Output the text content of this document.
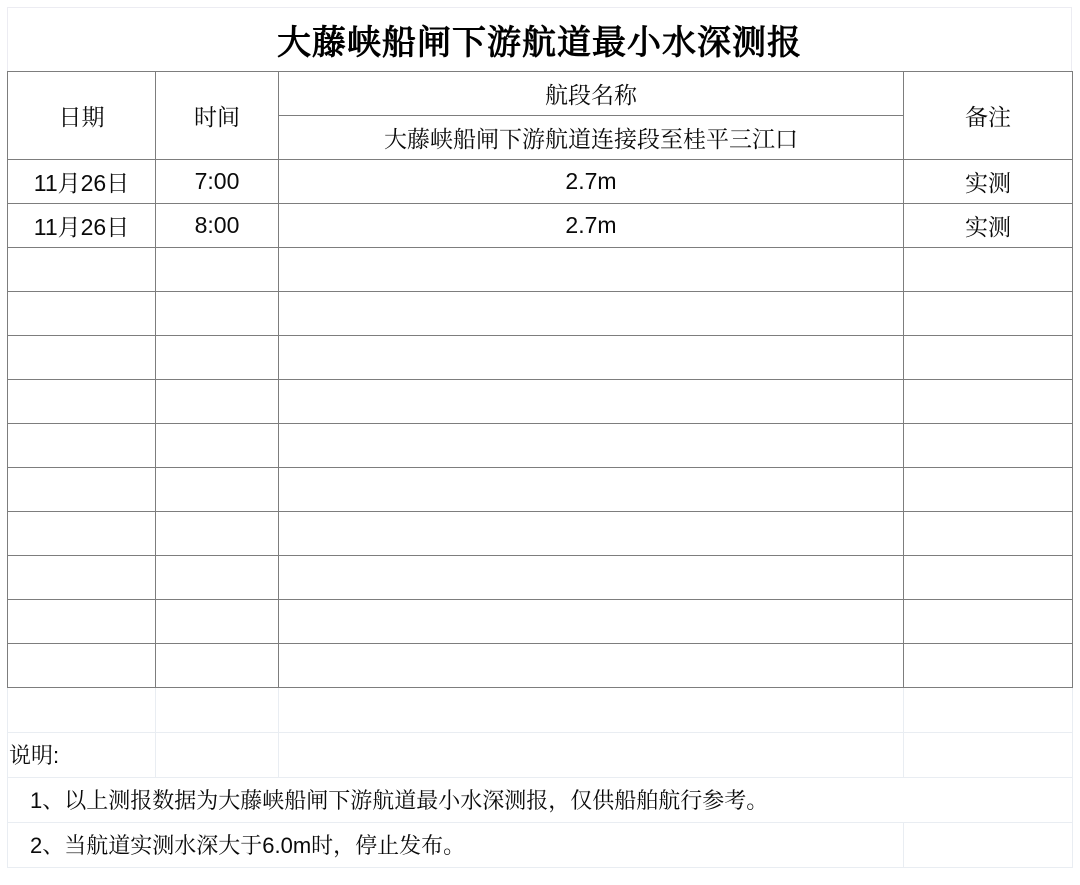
大藤峡船闸下游航道最小水深测报
日期	时间	航段名称	备注
		大藤峡船闸下游航道连接段至桂平三江口	
11月26日	7:00	2.7m	实测
11月26日	8:00	2.7m	实测

说明:			
1、以上测报数据为大藤峡船闸下游航道最小水深测报，仅供船舶航行参考。			
2、当航道实测水深大于6.0m时，停止发布。			
